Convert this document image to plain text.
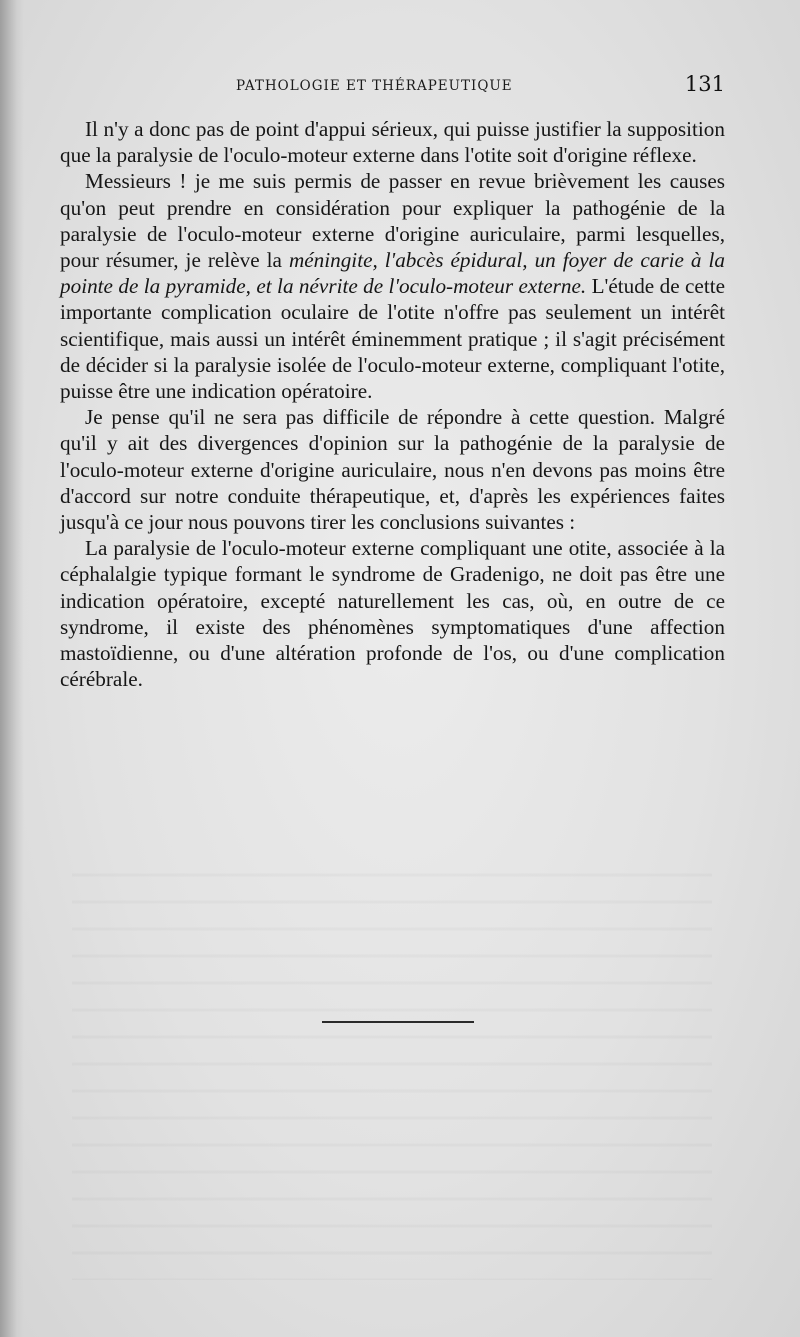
PATHOLOGIE ET THÉRAPEUTIQUE	131

Il n'y a donc pas de point d'appui sérieux, qui puisse justifier la supposition que la paralysie de l'oculo-moteur externe dans l'otite soit d'origine réflexe.

Messieurs ! je me suis permis de passer en revue brièvement les causes qu'on peut prendre en considération pour expliquer la pathogénie de la paralysie de l'oculo-moteur externe d'origine auriculaire, parmi lesquelles, pour résumer, je relève la méningite, l'abcès épidural, un foyer de carie à la pointe de la pyramide, et la névrite de l'oculo-moteur externe. L'étude de cette importante complication oculaire de l'otite n'offre pas seulement un intérêt scientifique, mais aussi un intérêt éminemment pratique ; il s'agit précisément de décider si la paralysie isolée de l'oculo-moteur externe, compliquant l'otite, puisse être une indication opératoire.

Je pense qu'il ne sera pas difficile de répondre à cette question. Malgré qu'il y ait des divergences d'opinion sur la pathogénie de la paralysie de l'oculo-moteur externe d'origine auriculaire, nous n'en devons pas moins être d'accord sur notre conduite thérapeutique, et, d'après les expériences faites jusqu'à ce jour nous pouvons tirer les conclusions suivantes :

La paralysie de l'oculo-moteur externe compliquant une otite, associée à la céphalalgie typique formant le syndrome de Gradenigo, ne doit pas être une indication opératoire, excepté naturellement les cas, où, en outre de ce syndrome, il existe des phénomènes symptomatiques d'une affection mastoïdienne, ou d'une altération profonde de l'os, ou d'une complication cérébrale.
